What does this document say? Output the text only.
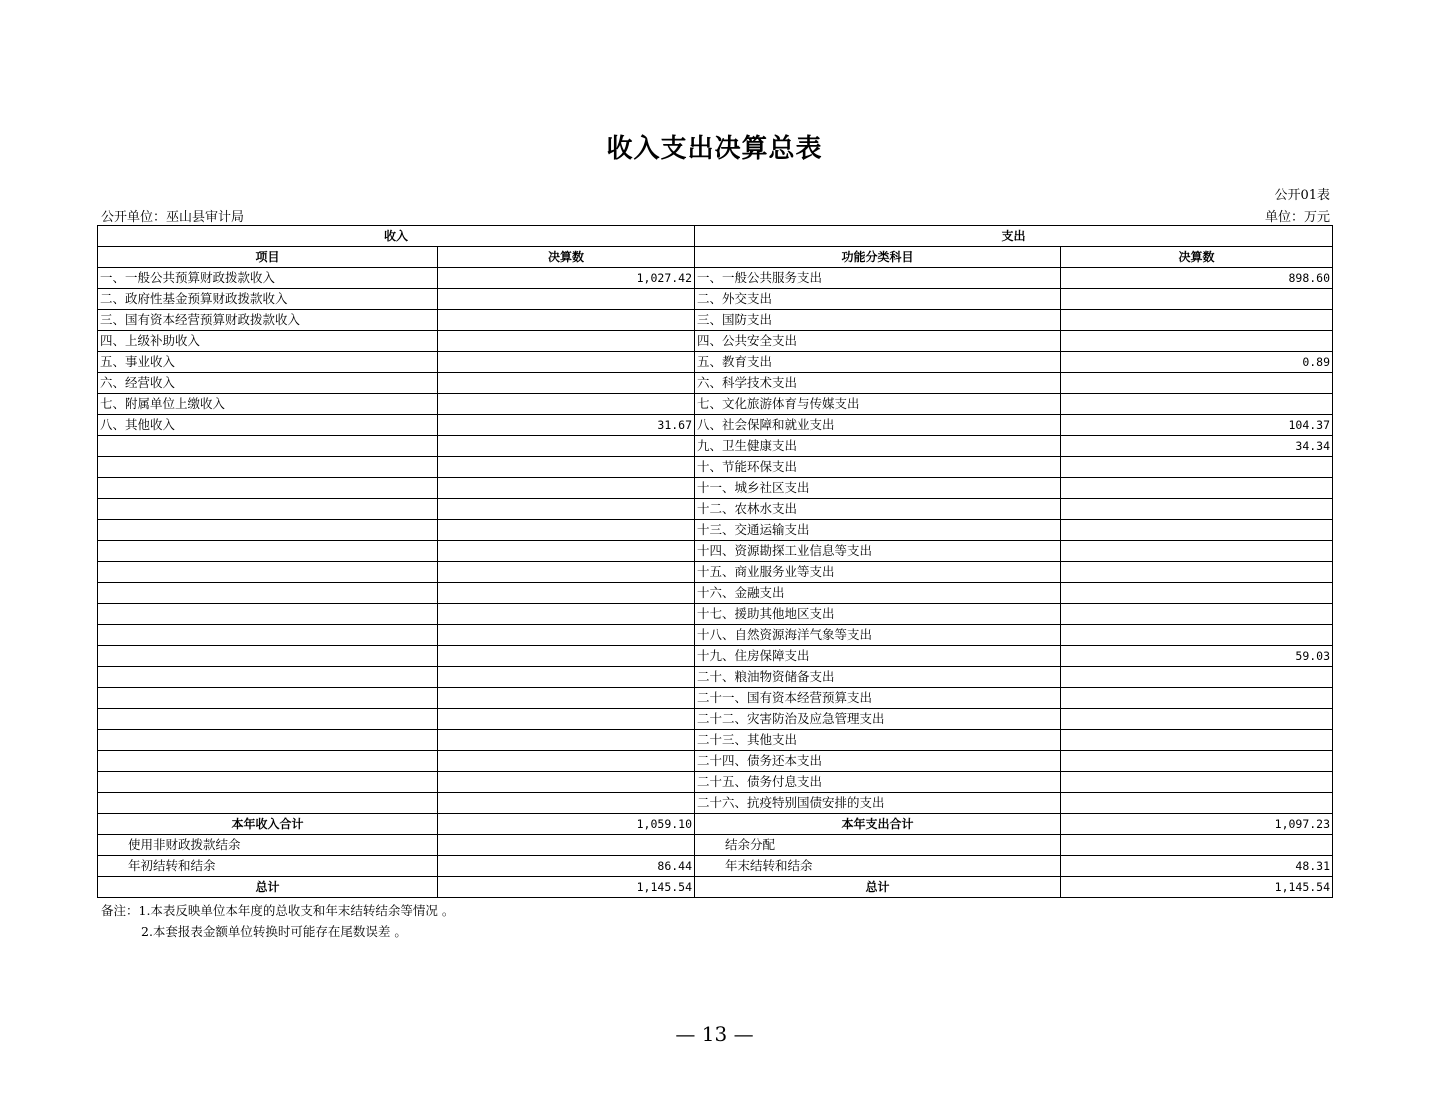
收入支出决算总表
公开01表
公开单位：巫山县审计局	单位：万元
收入		支出	
项目	决算数	功能分类科目	决算数
一、一般公共预算财政拨款收入	1,027.42	一、一般公共服务支出	898.60
二、政府性基金预算财政拨款收入		二、外交支出	
三、国有资本经营预算财政拨款收入		三、国防支出	
四、上级补助收入		四、公共安全支出	
五、事业收入		五、教育支出	0.89
六、经营收入		六、科学技术支出	
七、附属单位上缴收入		七、文化旅游体育与传媒支出	
八、其他收入	31.67	八、社会保障和就业支出	104.37
		九、卫生健康支出	34.34
		十、节能环保支出	
		十一、城乡社区支出	
		十二、农林水支出	
		十三、交通运输支出	
		十四、资源勘探工业信息等支出	
		十五、商业服务业等支出	
		十六、金融支出	
		十七、援助其他地区支出	
		十八、自然资源海洋气象等支出	
		十九、住房保障支出	59.03
		二十、粮油物资储备支出	
		二十一、国有资本经营预算支出	
		二十二、灾害防治及应急管理支出	
		二十三、其他支出	
		二十四、债务还本支出	
		二十五、债务付息支出	
		二十六、抗疫特别国债安排的支出	
本年收入合计	1,059.10	本年支出合计	1,097.23
使用非财政拨款结余		结余分配	
年初结转和结余	86.44	年末结转和结余	48.31
总计	1,145.54	总计	1,145.54
备注：1.本表反映单位本年度的总收支和年末结转结余等情况 。
2.本套报表金额单位转换时可能存在尾数误差 。
— 13 —
